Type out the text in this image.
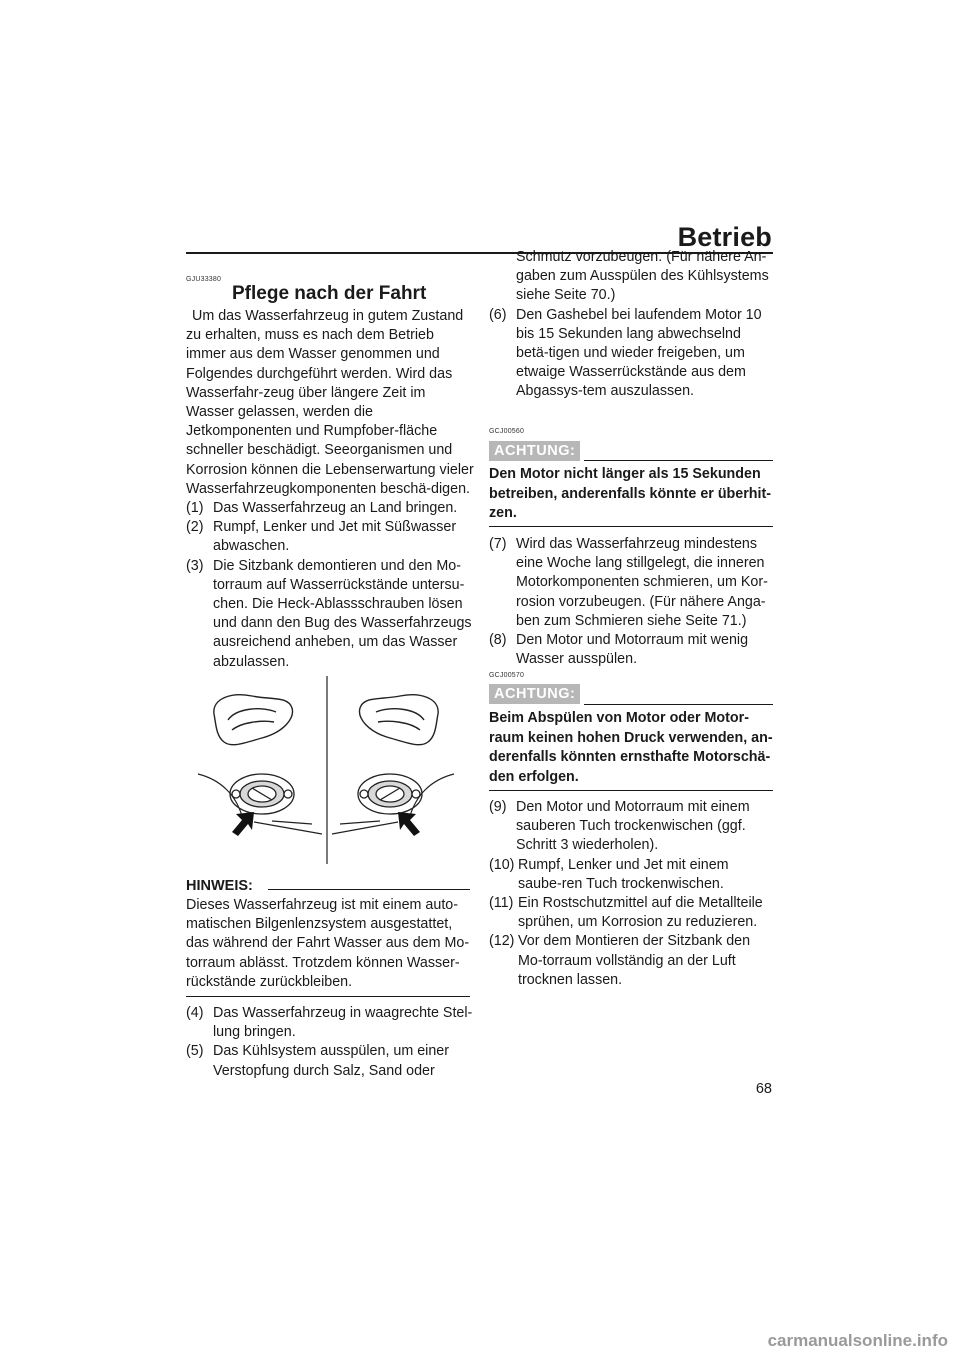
Betrieb
GJU33380
Pflege nach der Fahrt

Um das Wasserfahrzeug in gutem Zustand zu erhalten, muss es nach dem Betrieb immer aus dem Wasser genommen und Folgendes durchgeführt werden. Wird das Wasserfahr-zeug über längere Zeit im Wasser gelassen, werden die Jetkomponenten und Rumpfober-fläche schneller beschädigt. Seeorganismen und Korrosion können die Lebenserwartung vieler Wasserfahrzeugkomponenten beschä-digen.

(1) Das Wasserfahrzeug an Land bringen.
(2) Rumpf, Lenker und Jet mit Süßwasser abwaschen.
(3) Die Sitzbank demontieren und den Mo-torraum auf Wasserrückstände untersu-chen. Die Heck-Ablassschrauben lösen und dann den Bug des Wasserfahrzeugs ausreichend anheben, um das Wasser abzulassen.
HINWEIS:
Dieses Wasserfahrzeug ist mit einem auto-matischen Bilgenlenzsystem ausgestattet, das während der Fahrt Wasser aus dem Mo-torraum ablässt. Trotzdem können Wasser-rückstände zurückbleiben.
(4) Das Wasserfahrzeug in waagrechte Stel-lung bringen.
(5) Das Kühlsystem ausspülen, um einer Verstopfung durch Salz, Sand oder
Schmutz vorzubeugen. (Für nähere An-gaben zum Ausspülen des Kühlsystems siehe Seite 70.)
(6) Den Gashebel bei laufendem Motor 10 bis 15 Sekunden lang abwechselnd betä-tigen und wieder freigeben, um etwaige Wasserrückstände aus dem Abgassys-tem auszulassen.
GCJ00560
ACHTUNG:
Den Motor nicht länger als 15 Sekunden betreiben, anderenfalls könnte er überhit-zen.
(7) Wird das Wasserfahrzeug mindestens eine Woche lang stillgelegt, die inneren Motorkomponenten schmieren, um Kor-rosion vorzubeugen. (Für nähere Anga-ben zum Schmieren siehe Seite 71.)
(8) Den Motor und Motorraum mit wenig Wasser ausspülen.
GCJ00570
ACHTUNG:
Beim Abspülen von Motor oder Motor-raum keinen hohen Druck verwenden, an-derenfalls könnten ernsthafte Motorschä-den erfolgen.
(9) Den Motor und Motorraum mit einem sauberen Tuch trockenwischen (ggf. Schritt 3 wiederholen).
(10) Rumpf, Lenker und Jet mit einem saube-ren Tuch trockenwischen.
(11) Ein Rostschutzmittel auf die Metallteile sprühen, um Korrosion zu reduzieren.
(12) Vor dem Montieren der Sitzbank den Mo-torraum vollständig an der Luft trocknen lassen.
68
carmanualsonline.info
